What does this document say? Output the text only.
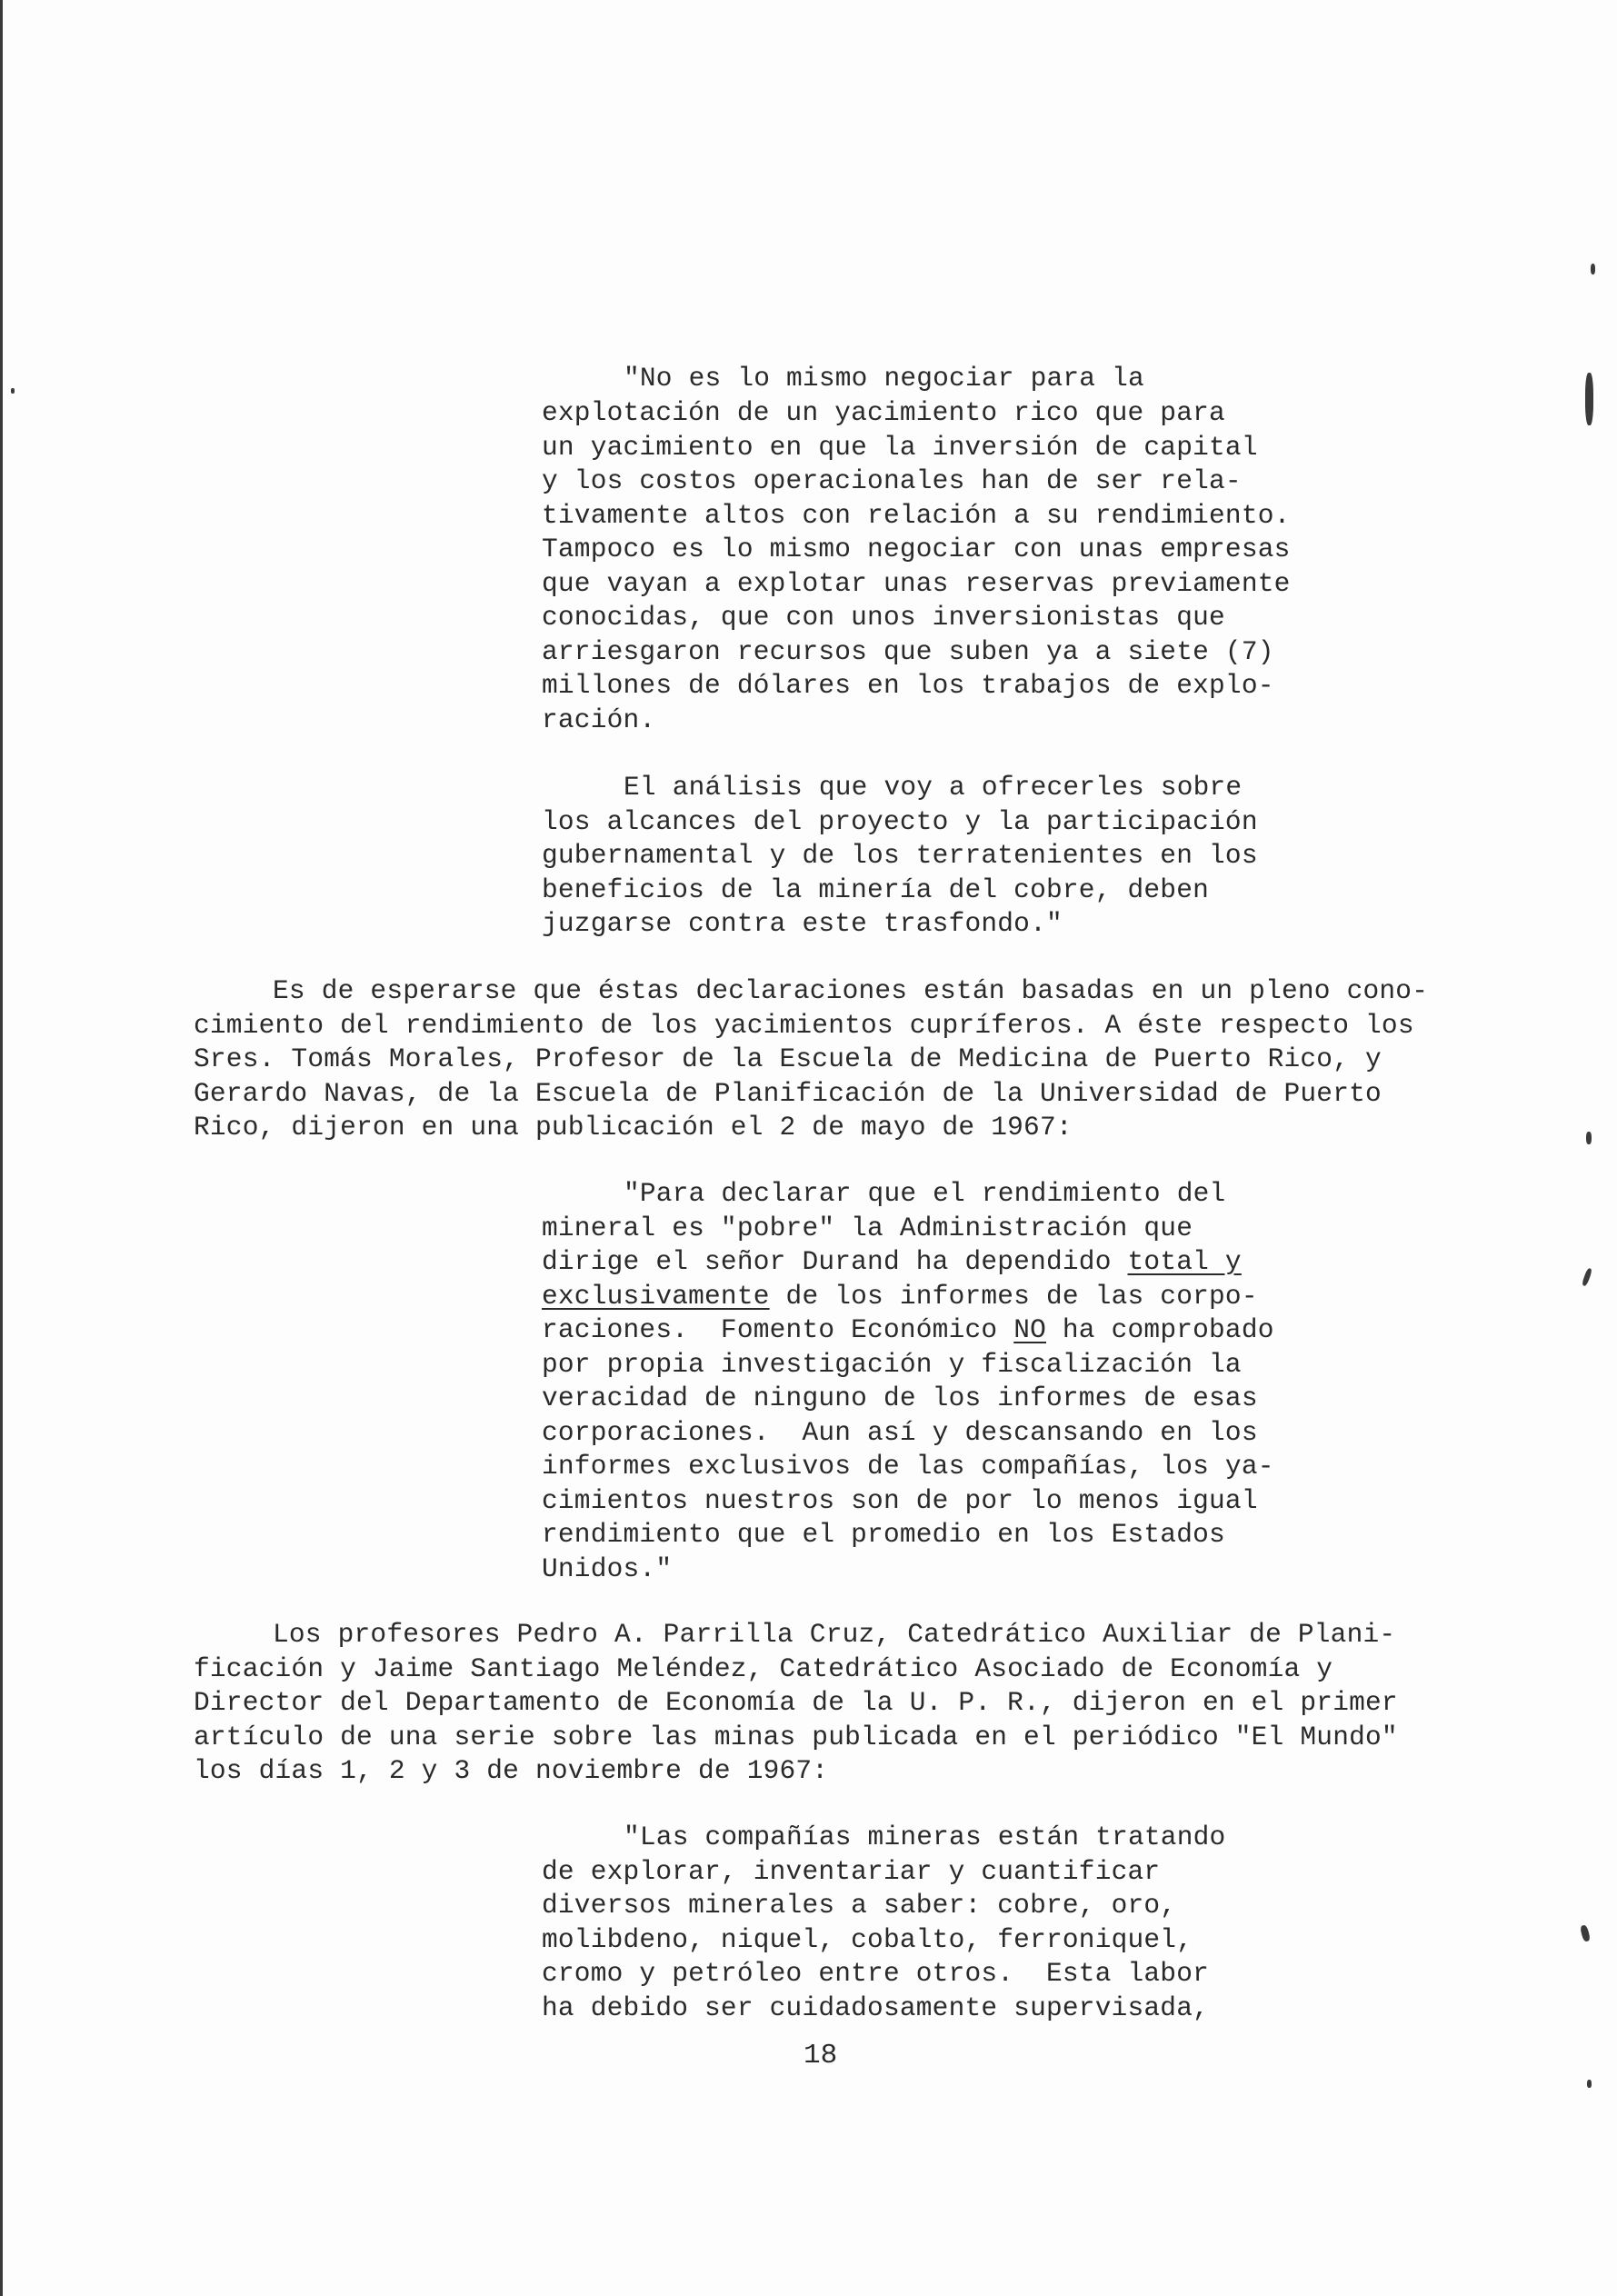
"No es lo mismo negociar para la
explotación de un yacimiento rico que para
un yacimiento en que la inversión de capital
y los costos operacionales han de ser rela-
tivamente altos con relación a su rendimiento.
Tampoco es lo mismo negociar con unas empresas
que vayan a explotar unas reservas previamente
conocidas, que con unos inversionistas que
arriesgaron recursos que suben ya a siete (7)
millones de dólares en los trabajos de explo-
ración.
El análisis que voy a ofrecerles sobre
los alcances del proyecto y la participación
gubernamental y de los terratenientes en los
beneficios de la minería del cobre, deben
juzgarse contra este trasfondo."
Es de esperarse que éstas declaraciones están basadas en un pleno cono-
cimiento del rendimiento de los yacimientos cupríferos. A éste respecto los
Sres. Tomás Morales, Profesor de la Escuela de Medicina de Puerto Rico, y
Gerardo Navas, de la Escuela de Planificación de la Universidad de Puerto
Rico, dijeron en una publicación el 2 de mayo de 1967:
"Para declarar que el rendimiento del
mineral es "pobre" la Administración que
dirige el señor Durand ha dependido total y
exclusivamente de los informes de las corpo-
raciones.  Fomento Económico NO ha comprobado
por propia investigación y fiscalización la
veracidad de ninguno de los informes de esas
corporaciones.  Aun así y descansando en los
informes exclusivos de las compañías, los ya-
cimientos nuestros son de por lo menos igual
rendimiento que el promedio en los Estados
Unidos."
Los profesores Pedro A. Parrilla Cruz, Catedrático Auxiliar de Plani-
ficación y Jaime Santiago Meléndez, Catedrático Asociado de Economía y
Director del Departamento de Economía de la U. P. R., dijeron en el primer
artículo de una serie sobre las minas publicada en el periódico "El Mundo"
los días 1, 2 y 3 de noviembre de 1967:
"Las compañías mineras están tratando
de explorar, inventariar y cuantificar
diversos minerales a saber: cobre, oro,
molibdeno, niquel, cobalto, ferroniquel,
cromo y petróleo entre otros.  Esta labor
ha debido ser cuidadosamente supervisada,
18
